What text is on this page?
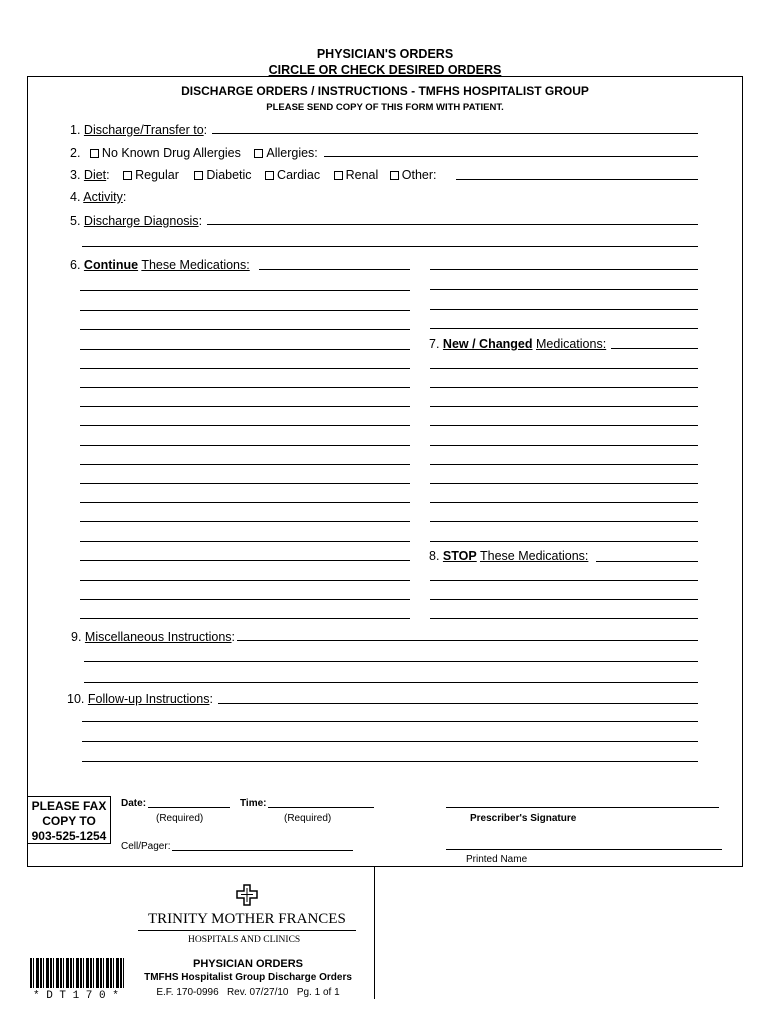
PHYSICIAN'S ORDERS
CIRCLE OR CHECK DESIRED ORDERS
DISCHARGE ORDERS / INSTRUCTIONS - TMFHS HOSPITALIST GROUP
PLEASE SEND COPY OF THIS FORM WITH PATIENT.
1. Discharge/Transfer to:
2. No Known Drug Allergies Allergies:
3. Diet: Regular Diabetic Cardiac Renal Other:
4. Activity:
5. Discharge Diagnosis:
6. Continue These Medications:
7. New / Changed Medications:
8. STOP These Medications:
9. Miscellaneous Instructions:
10. Follow-up Instructions:
PLEASE FAX
COPY TO
903-525-1254
Date:
(Required)
Time:
(Required)	Prescriber's Signature
Cell/Pager:
Printed Name
TRINITY MOTHER FRANCES
HOSPITALS AND CLINICS
* D T 1 7 0 *
PHYSICIAN ORDERS
TMFHS Hospitalist Group Discharge Orders
E.F. 170-0996   Rev. 07/27/10   Pg. 1 of 1
